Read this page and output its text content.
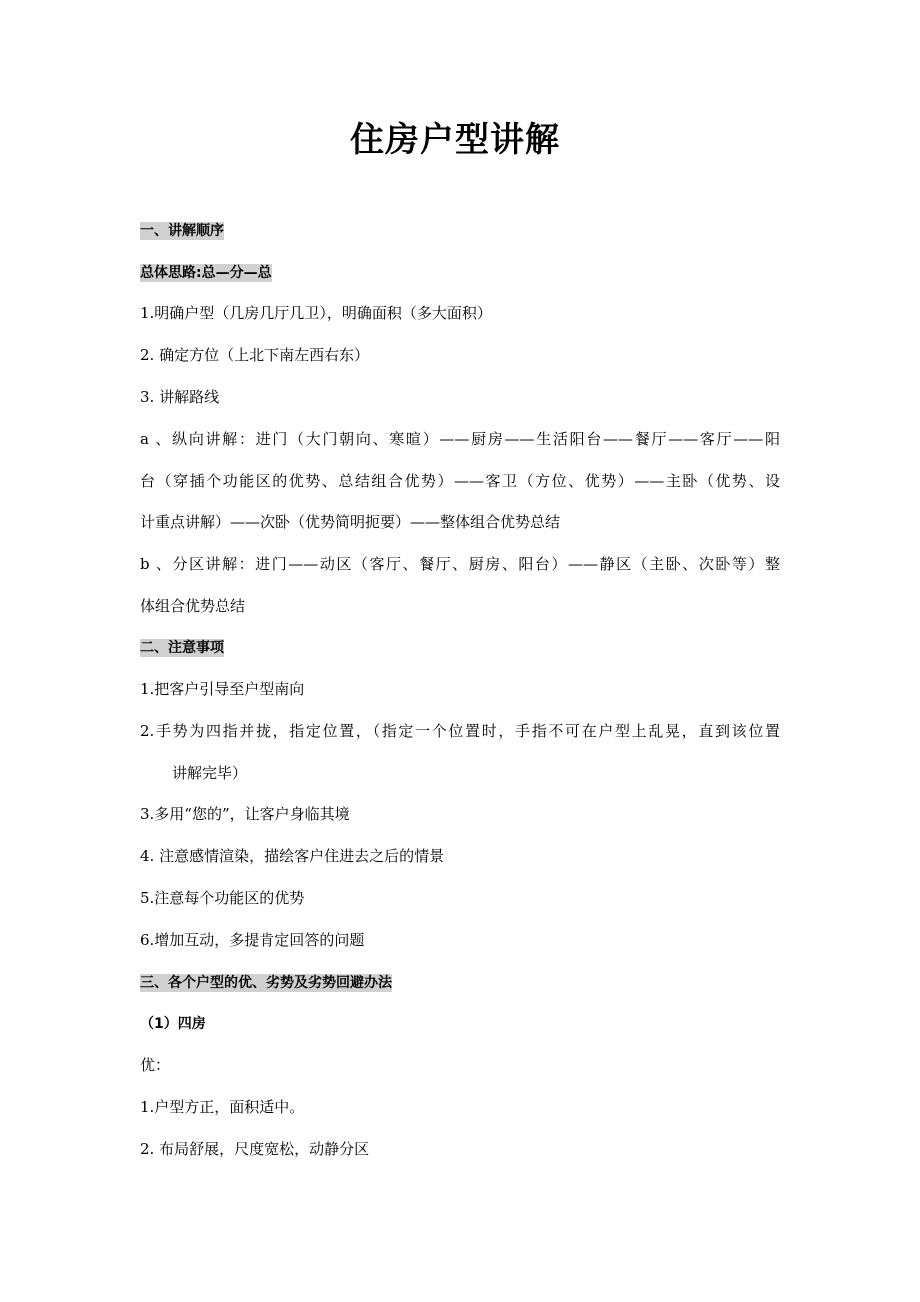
住房户型讲解
一、讲解顺序
总体思路:总—分—总
1.明确户型（几房几厅几卫），明确面积（多大面积）
2. 确定方位（上北下南左西右东）
3. 讲解路线
a 、纵向讲解：进门（大门朝向、寒暄）——厨房——生活阳台——餐厅——客厅——阳
台（穿插个功能区的优势、总结组合优势）——客卫（方位、优势）——主卧（优势、设
计重点讲解）——次卧（优势简明扼要）——整体组合优势总结
b 、分区讲解：进门——动区（客厅、餐厅、厨房、阳台）——静区（主卧、次卧等）整
体组合优势总结
二、注意事项
1.把客户引导至户型南向
2.手势为四指并拢，指定位置，（指定一个位置时，手指不可在户型上乱晃，直到该位置
讲解完毕）
3.多用“您的”，让客户身临其境
4. 注意感情渲染，描绘客户住进去之后的情景
5.注意每个功能区的优势
6.增加互动，多提肯定回答的问题
三、各个户型的优、劣势及劣势回避办法
（1）四房
优：
1.户型方正，面积适中。
2. 布局舒展，尺度宽松，动静分区
